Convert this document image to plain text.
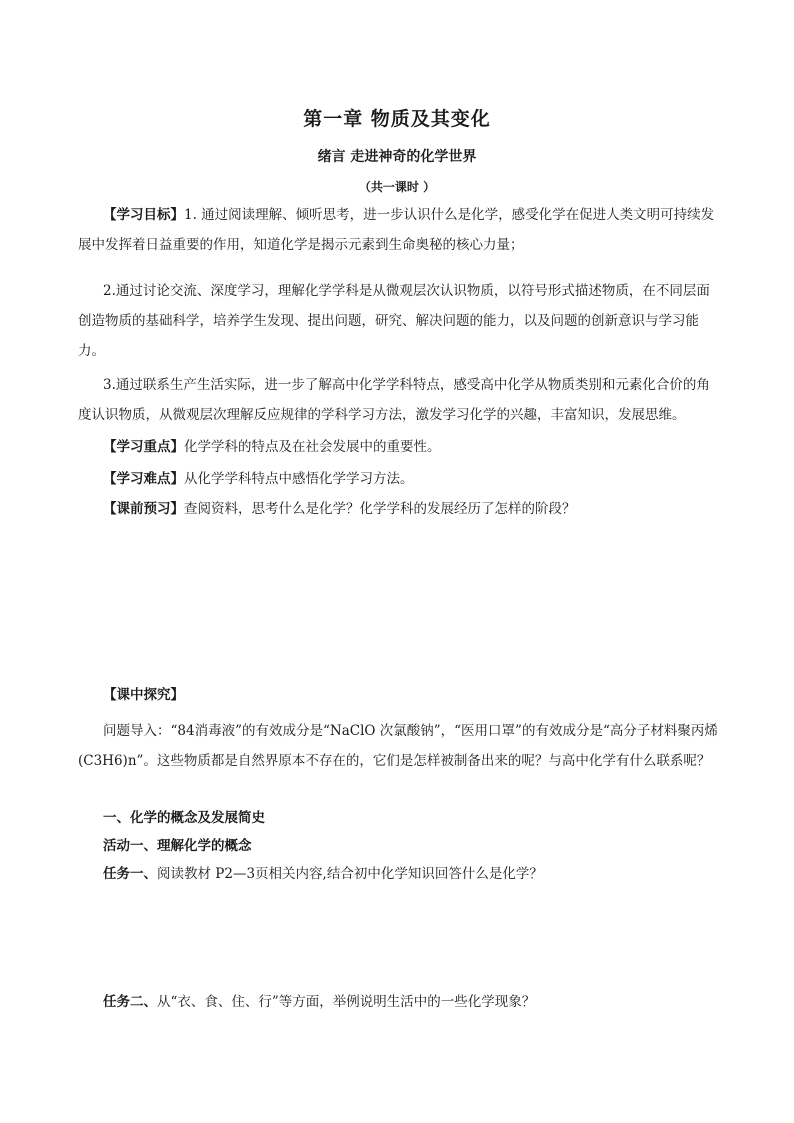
第一章 物质及其变化
绪言 走进神奇的化学世界
（共一课时 ）
【学习目标】1. 通过阅读理解、倾听思考，进一步认识什么是化学，感受化学在促进人类文明可持续发展中发挥着日益重要的作用，知道化学是揭示元素到生命奥秘的核心力量；
2.通过讨论交流、深度学习，理解化学学科是从微观层次认识物质，以符号形式描述物质，在不同层面创造物质的基础科学，培养学生发现、提出问题，研究、解决问题的能力，以及问题的创新意识与学习能力。
3.通过联系生产生活实际，进一步了解高中化学学科特点，感受高中化学从物质类别和元素化合价的角度认识物质，从微观层次理解反应规律的学科学习方法，激发学习化学的兴趣，丰富知识，发展思维。
【学习重点】化学学科的特点及在社会发展中的重要性。
【学习难点】从化学学科特点中感悟化学学习方法。
【课前预习】查阅资料，思考什么是化学？化学学科的发展经历了怎样的阶段？
【课中探究】
问题导入：“84消毒液”的有效成分是“NaClO 次氯酸钠”，“医用口罩”的有效成分是“高分子材料聚丙烯(C3H6)n”。这些物质都是自然界原本不存在的，它们是怎样被制备出来的呢？与高中化学有什么联系呢？
一、化学的概念及发展简史
活动一、理解化学的概念
任务一、阅读教材 P2—3页相关内容,结合初中化学知识回答什么是化学？
任务二、从“衣、食、住、行”等方面，举例说明生活中的一些化学现象？
